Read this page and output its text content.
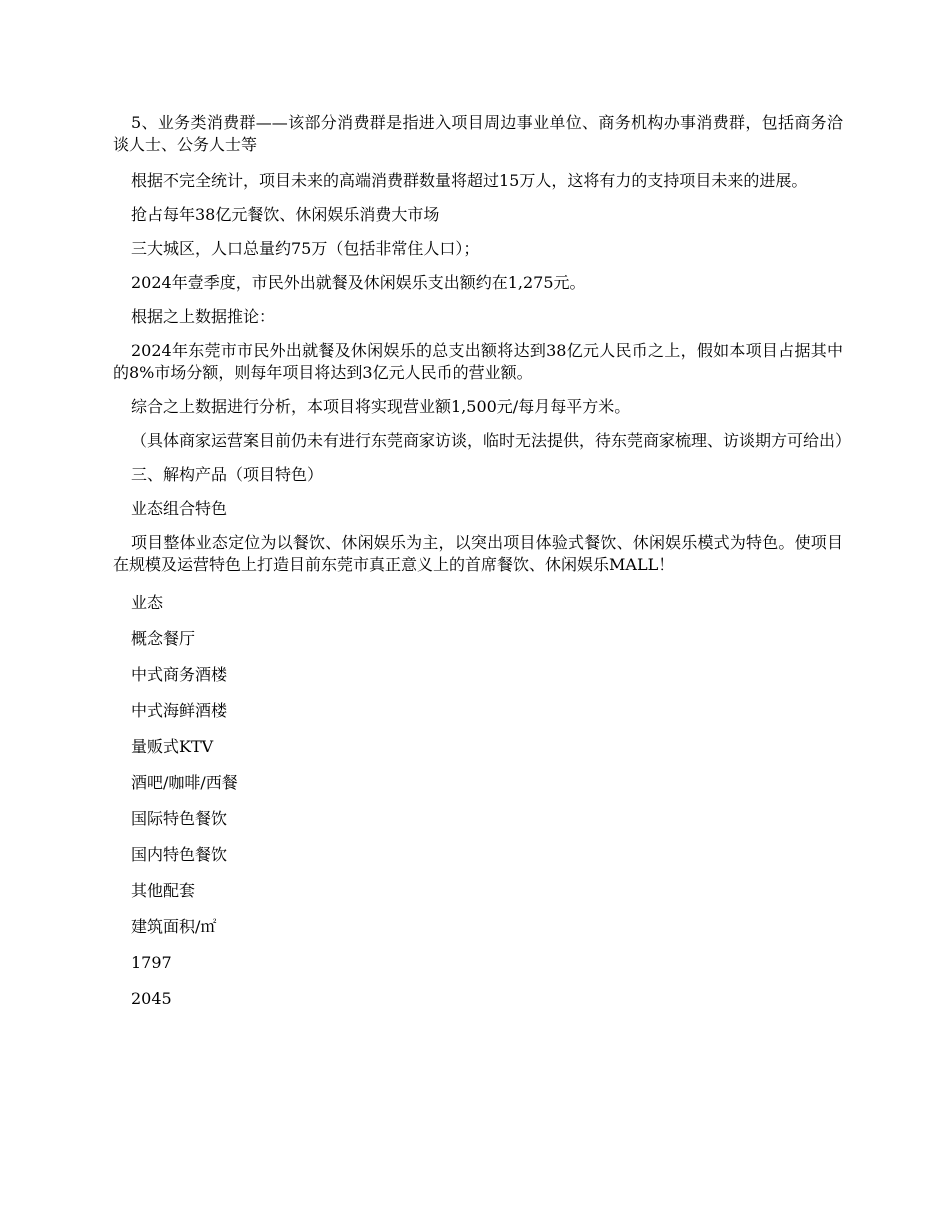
5、业务类消费群——该部分消费群是指进入项目周边事业单位、商务机构办事消费群，包括商务洽谈人士、公务人士等

根据不完全统计，项目未来的高端消费群数量将超过15万人，这将有力的支持项目未来的进展。

抢占每年38亿元餐饮、休闲娱乐消费大市场

三大城区，人口总量约75万（包括非常住人口）；

2024年壹季度，市民外出就餐及休闲娱乐支出额约在1,275元。

根据之上数据推论：

2024年东莞市市民外出就餐及休闲娱乐的总支出额将达到38亿元人民币之上，假如本项目占据其中的8%市场分额，则每年项目将达到3亿元人民币的营业额。

综合之上数据进行分析，本项目将实现营业额1,500元/每月每平方米。

（具体商家运营案目前仍未有进行东莞商家访谈，临时无法提供，待东莞商家梳理、访谈期方可给出）

三、解构产品（项目特色）

业态组合特色

项目整体业态定位为以餐饮、休闲娱乐为主，以突出项目体验式餐饮、休闲娱乐模式为特色。使项目在规模及运营特色上打造目前东莞市真正意义上的首席餐饮、休闲娱乐MALL！

业态

概念餐厅

中式商务酒楼

中式海鲜酒楼

量贩式KTV

酒吧/咖啡/西餐

国际特色餐饮

国内特色餐饮

其他配套

建筑面积/㎡

1797

2045
